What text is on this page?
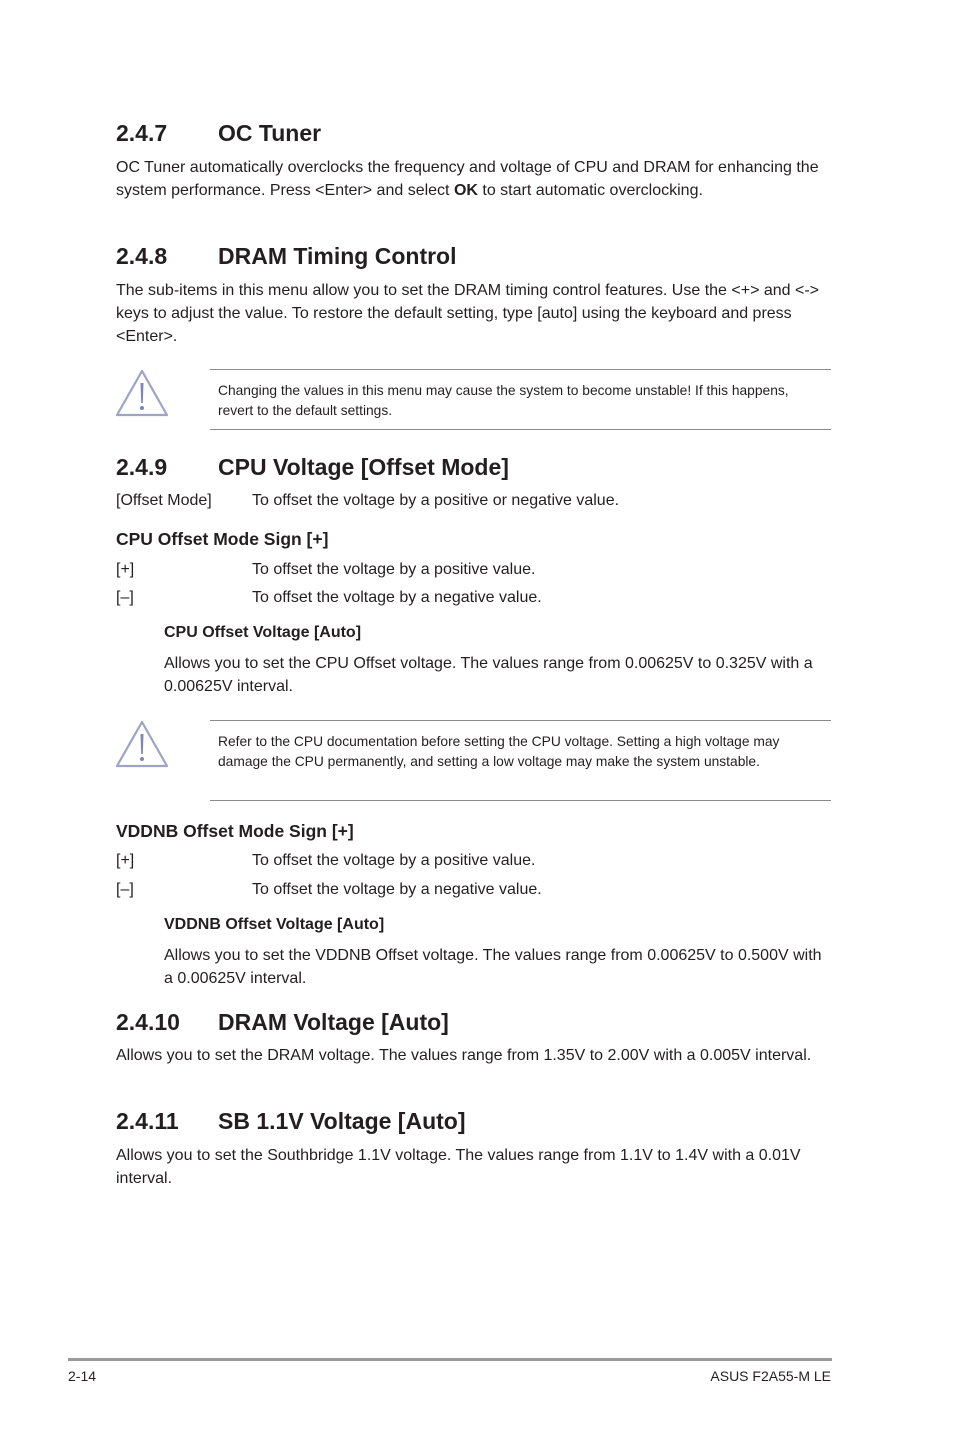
2.4.7 OC Tuner

OC Tuner automatically overclocks the frequency and voltage of CPU and DRAM for enhancing the system performance. Press <Enter> and select OK to start automatic overclocking.

2.4.8 DRAM Timing Control

The sub-items in this menu allow you to set the DRAM timing control features. Use the <+> and <-> keys to adjust the value. To restore the default setting, type [auto] using the keyboard and press <Enter>.

Changing the values in this menu may cause the system to become unstable! If this happens, revert to the default settings.

2.4.9 CPU Voltage [Offset Mode]

[Offset Mode]	To offset the voltage by a positive or negative value.

CPU Offset Mode Sign [+]

[+]	To offset the voltage by a positive value.

[–]	To offset the voltage by a negative value.

CPU Offset Voltage [Auto]

Allows you to set the CPU Offset voltage. The values range from 0.00625V to 0.325V with a 0.00625V interval.

Refer to the CPU documentation before setting the CPU voltage. Setting a high voltage may damage the CPU permanently, and setting a low voltage may make the system unstable.

VDDNB Offset Mode Sign [+]

[+]	To offset the voltage by a positive value.

[–]	To offset the voltage by a negative value.

VDDNB Offset Voltage [Auto]

Allows you to set the VDDNB Offset voltage. The values range from 0.00625V to 0.500V with a 0.00625V interval.

2.4.10 DRAM Voltage [Auto]

Allows you to set the DRAM voltage. The values range from 1.35V to 2.00V with a 0.005V interval.

2.4.11 SB 1.1V Voltage [Auto]

Allows you to set the Southbridge 1.1V voltage. The values range from 1.1V to 1.4V with a 0.01V interval.

2-14	ASUS F2A55-M LE
